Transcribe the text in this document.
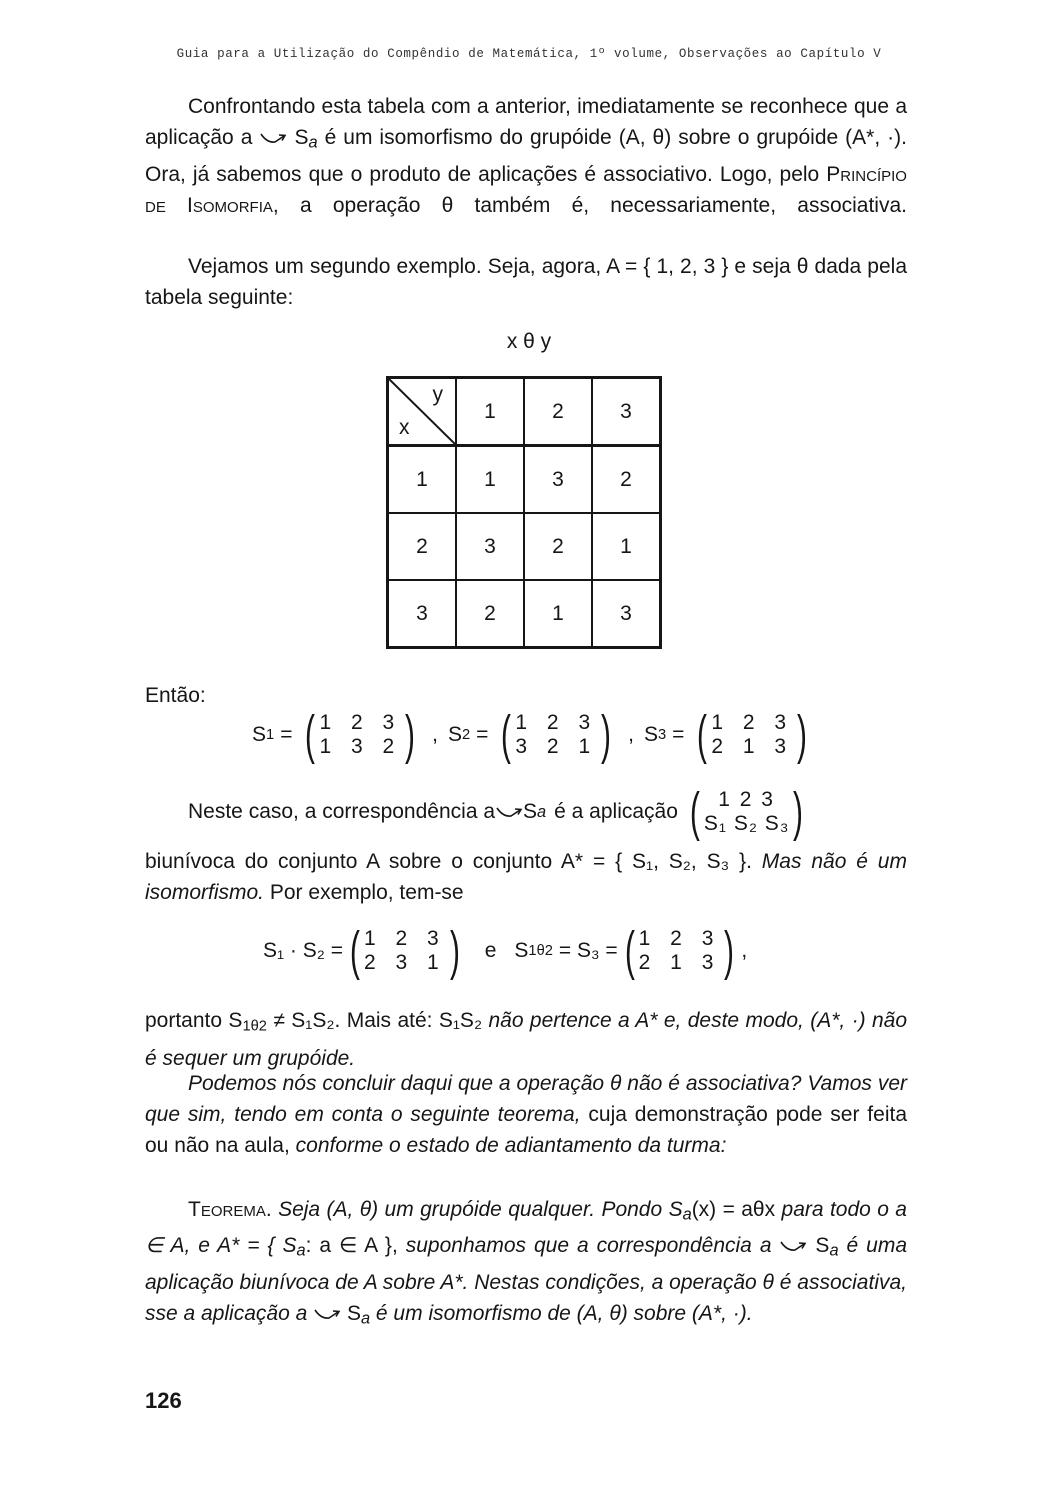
Guia para a Utilização do Compêndio de Matemática, 1º volume, Observações ao Capítulo V

Confrontando esta tabela com a anterior, imediatamente se reconhece que a aplicação a  $S_a$ é um isomorfismo do grupóide (A, θ) sobre o grupóide (A*, ·). Ora, já sabemos que o produto de aplicações é associativo. Logo, pelo Princípio de Isomorfia, a operação θ também é, necessariamente, associativa.

Vejamos um segundo exemplo. Seja, agora, A = { 1, 2, 3 } e seja θ dada pela tabela seguinte:

x θ y
y
x	1	2	3
1	1	3	2
2	3	2	1
3	2	1	3
Então:
S 1 = ( 1 2 3
1 3 2 ) , S 2 = ( 1 2 3
3 2 1 ) , S 3 = ( 1 2 3
2 1 3 )
Neste caso, a correspondência a S a é a aplicação ( 1 2 3
S₁ S₂ S₃ )

biunívoca do conjunto A sobre o conjunto A* = { S₁, S₂, S₃ }. Mas não é um isomorfismo. Por exemplo, tem-se

S₁ · S₂ = ( 1 2 3
2 3 1 ) e S 1θ2 = S₃ = ( 1 2 3
2 1 3 ) ,

portanto S1θ2 ≠ S₁S₂. Mais até: S₁S₂ não pertence a A* e, deste modo, (A*, ·) não é sequer um grupóide.

Podemos nós concluir daqui que a operação θ não é associativa? Vamos ver que sim, tendo em conta o seguinte teorema, cuja demonstração pode ser feita ou não na aula, conforme o estado de adiantamento da turma:

Teorema. Seja (A, θ) um grupóide qualquer. Pondo $S_a(x) = a\theta x$ para todo o a ∈ A, e A* = { $S_a$: a ∈ A }, suponhamos que a correspondência a  $S_a$ é uma aplicação biunívoca de A sobre A*. Nestas condições, a operação θ é associativa, sse a aplicação a  $S_a$ é um isomorfismo de (A, θ) sobre (A*, ·).

126
